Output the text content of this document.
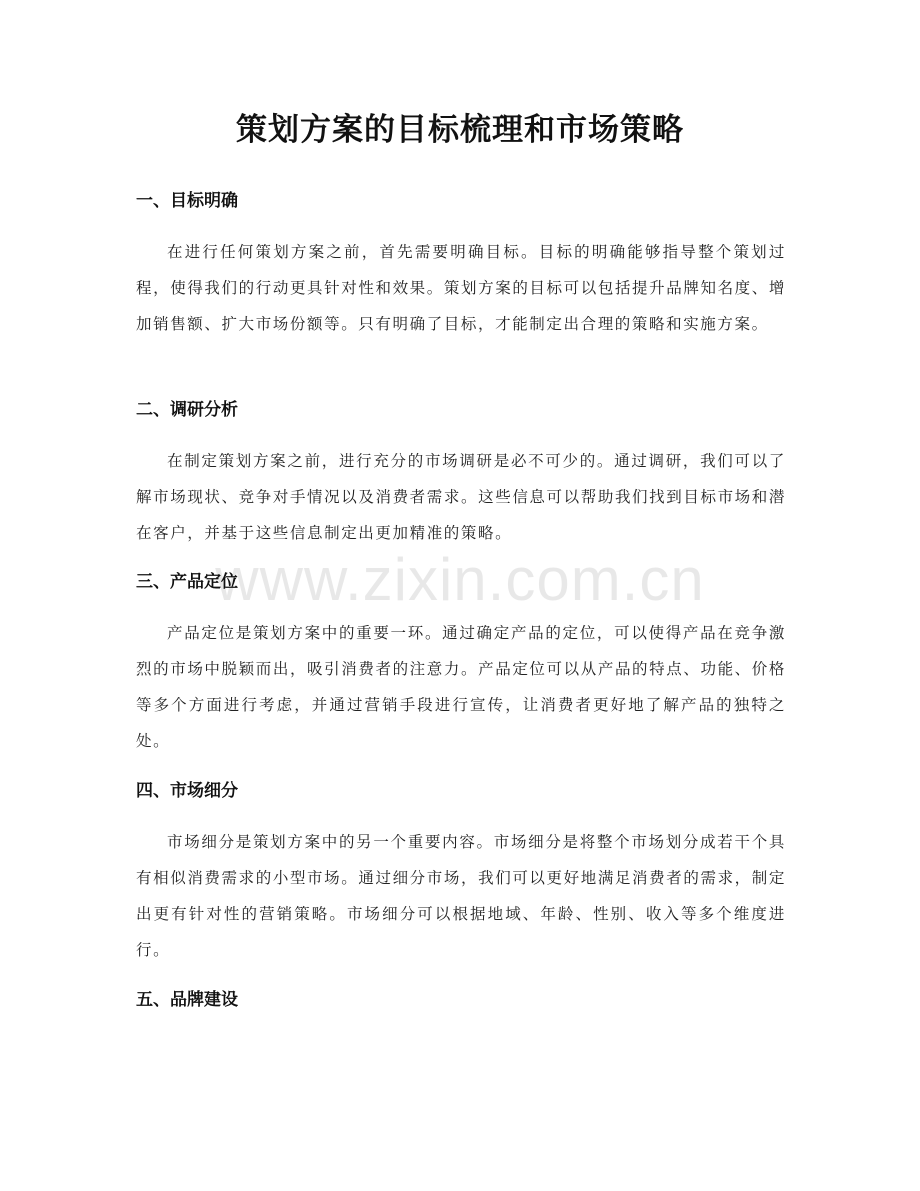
策划方案的目标梳理和市场策略
www.zixin.com.cn
一、目标明确

在进行任何策划方案之前，首先需要明确目标。目标的明确能够指导整个策划过程，使得我们的行动更具针对性和效果。策划方案的目标可以包括提升品牌知名度、增加销售额、扩大市场份额等。只有明确了目标，才能制定出合理的策略和实施方案。

二、调研分析

在制定策划方案之前，进行充分的市场调研是必不可少的。通过调研，我们可以了解市场现状、竞争对手情况以及消费者需求。这些信息可以帮助我们找到目标市场和潜在客户，并基于这些信息制定出更加精准的策略。

三、产品定位

产品定位是策划方案中的重要一环。通过确定产品的定位，可以使得产品在竞争激烈的市场中脱颖而出，吸引消费者的注意力。产品定位可以从产品的特点、功能、价格等多个方面进行考虑，并通过营销手段进行宣传，让消费者更好地了解产品的独特之处。

四、市场细分

市场细分是策划方案中的另一个重要内容。市场细分是将整个市场划分成若干个具有相似消费需求的小型市场。通过细分市场，我们可以更好地满足消费者的需求，制定出更有针对性的营销策略。市场细分可以根据地域、年龄、性别、收入等多个维度进行。

五、品牌建设
